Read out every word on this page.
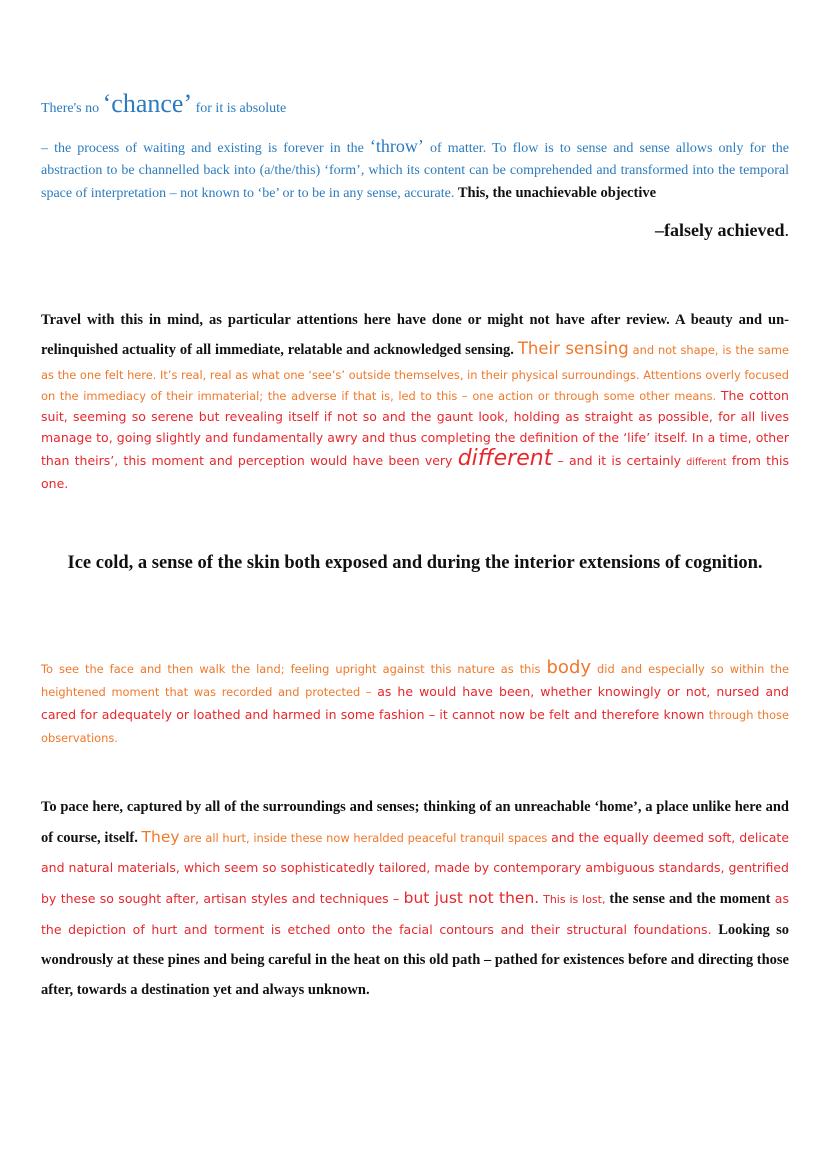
There's no ‘chance’ for it is absolute

– the process of waiting and existing is forever in the ‘throw’ of matter. To flow is to sense and sense allows only for the abstraction to be channelled back into (a/the/this) ‘form’, which its content can be comprehended and transformed into the temporal space of interpretation – not known to ‘be’ or to be in any sense, accurate. This, the unachievable objective

–falsely achieved.

Travel with this in mind, as particular attentions here have done or might not have after review. A beauty and un-relinquished actuality of all immediate, relatable and acknowledged sensing. Their sensing and not shape, is the same as the one felt here. It’s real, real as what one ‘see’s’ outside themselves, in their physical surroundings. Attentions overly focused on the immediacy of their immaterial; the adverse if that is, led to this – one action or through some other means. The cotton suit, seeming so serene but revealing itself if not so and the gaunt look, holding as straight as possible, for all lives manage to, going slightly and fundamentally awry and thus completing the definition of the ‘life’ itself. In a time, other than theirs’, this moment and perception would have been very different – and it is certainly different from this one.

Ice cold, a sense of the skin both exposed and during the interior extensions of cognition.

To see the face and then walk the land; feeling upright against this nature as this body did and especially so within the heightened moment that was recorded and protected – as he would have been, whether knowingly or not, nursed and cared for adequately or loathed and harmed in some fashion – it cannot now be felt and therefore known through those observations.

To pace here, captured by all of the surroundings and senses; thinking of an unreachable ‘home’, a place unlike here and of course, itself. They are all hurt, inside these now heralded peaceful tranquil spaces and the equally deemed soft, delicate and natural materials, which seem so sophisticatedly tailored, made by contemporary ambiguous standards, gentrified by these so sought after, artisan styles and techniques – but just not then. This is lost, the sense and the moment as the depiction of hurt and torment is etched onto the facial contours and their structural foundations. Looking so wondrously at these pines and being careful in the heat on this old path – pathed for existences before and directing those after, towards a destination yet and always unknown.
